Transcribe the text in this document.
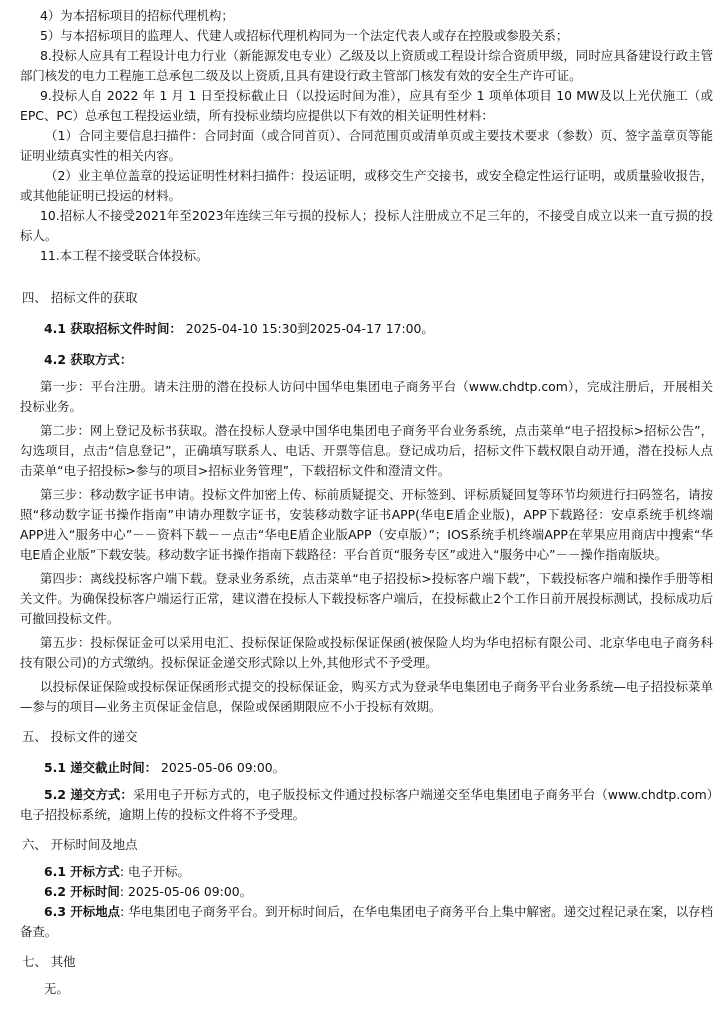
4）为本招标项目的招标代理机构；

5）与本招标项目的监理人、代建人或招标代理机构同为一个法定代表人或存在控股或参股关系；

8.投标人应具有工程设计电力行业（新能源发电专业）乙级及以上资质或工程设计综合资质甲级，同时应具备建设行政主管部门核发的电力工程施工总承包二级及以上资质,且具有建设行政主管部门核发有效的安全生产许可证。

9.投标人自 2022 年 1 月 1 日至投标截止日（以投运时间为准），应具有至少 1 项单体项目 10 MW及以上光伏施工（或EPC、PC）总承包工程投运业绩，所有投标业绩均应提供以下有效的相关证明性材料：

（1）合同主要信息扫描件：合同封面（或合同首页）、合同范围页或清单页或主要技术要求（参数）页、签字盖章页等能证明业绩真实性的相关内容。

（2）业主单位盖章的投运证明性材料扫描件：投运证明，或移交生产交接书，或安全稳定性运行证明，或质量验收报告，或其他能证明已投运的材料。

10.招标人不接受2021年至2023年连续三年亏损的投标人；投标人注册成立不足三年的，不接受自成立以来一直亏损的投标人。

11.本工程不接受联合体投标。

四、 招标文件的获取

4.1 获取招标文件时间： 2025-04-10 15:30到2025-04-17 17:00。

4.2 获取方式：

第一步：平台注册。请未注册的潜在投标人访问中国华电集团电子商务平台（www.chdtp.com），完成注册后，开展相关投标业务。

第二步：网上登记及标书获取。潜在投标人登录中国华电集团电子商务平台业务系统，点击菜单“电子招投标>招标公告”，勾选项目，点击“信息登记”，正确填写联系人、电话、开票等信息。登记成功后，招标文件下载权限自动开通，潜在投标人点击菜单“电子招投标>参与的项目>招标业务管理”，下载招标文件和澄清文件。

第三步：移动数字证书申请。投标文件加密上传、标前质疑提交、开标签到、评标质疑回复等环节均须进行扫码签名，请按照“移动数字证书操作指南”申请办理数字证书，安装移动数字证书APP(华电E盾企业版)，APP下载路径：安卓系统手机终端APP进入“服务中心”－－资料下载－－点击“华电E盾企业版APP（安卓版）”；IOS系统手机终端APP在苹果应用商店中搜索“华电E盾企业版”下载安装。移动数字证书操作指南下载路径：平台首页“服务专区”或进入“服务中心”－－操作指南版块。

第四步：离线投标客户端下载。登录业务系统，点击菜单“电子招投标>投标客户端下载”，下载投标客户端和操作手册等相关文件。为确保投标客户端运行正常，建议潜在投标人下载投标客户端后，在投标截止2个工作日前开展投标测试，投标成功后可撤回投标文件。

第五步：投标保证金可以采用电汇、投标保证保险或投标保证保函(被保险人均为华电招标有限公司、北京华电电子商务科技有限公司)的方式缴纳。投标保证金递交形式除以上外,其他形式不予受理。

以投标保证保险或投标保证保函形式提交的投标保证金，购买方式为登录华电集团电子商务平台业务系统—电子招投标菜单—参与的项目—业务主页保证金信息，保险或保函期限应不小于投标有效期。

五、 投标文件的递交

5.1 递交截止时间： 2025-05-06 09:00。

5.2 递交方式：采用电子开标方式的，电子版投标文件通过投标客户端递交至华电集团电子商务平台（www.chdtp.com）电子招投标系统，逾期上传的投标文件将不予受理。

六、 开标时间及地点

6.1 开标方式: 电子开标。

6.2 开标时间: 2025-05-06 09:00。

6.3 开标地点: 华电集团电子商务平台。到开标时间后，在华电集团电子商务平台上集中解密。递交过程记录在案，以存档备查。

七、 其他

无。
